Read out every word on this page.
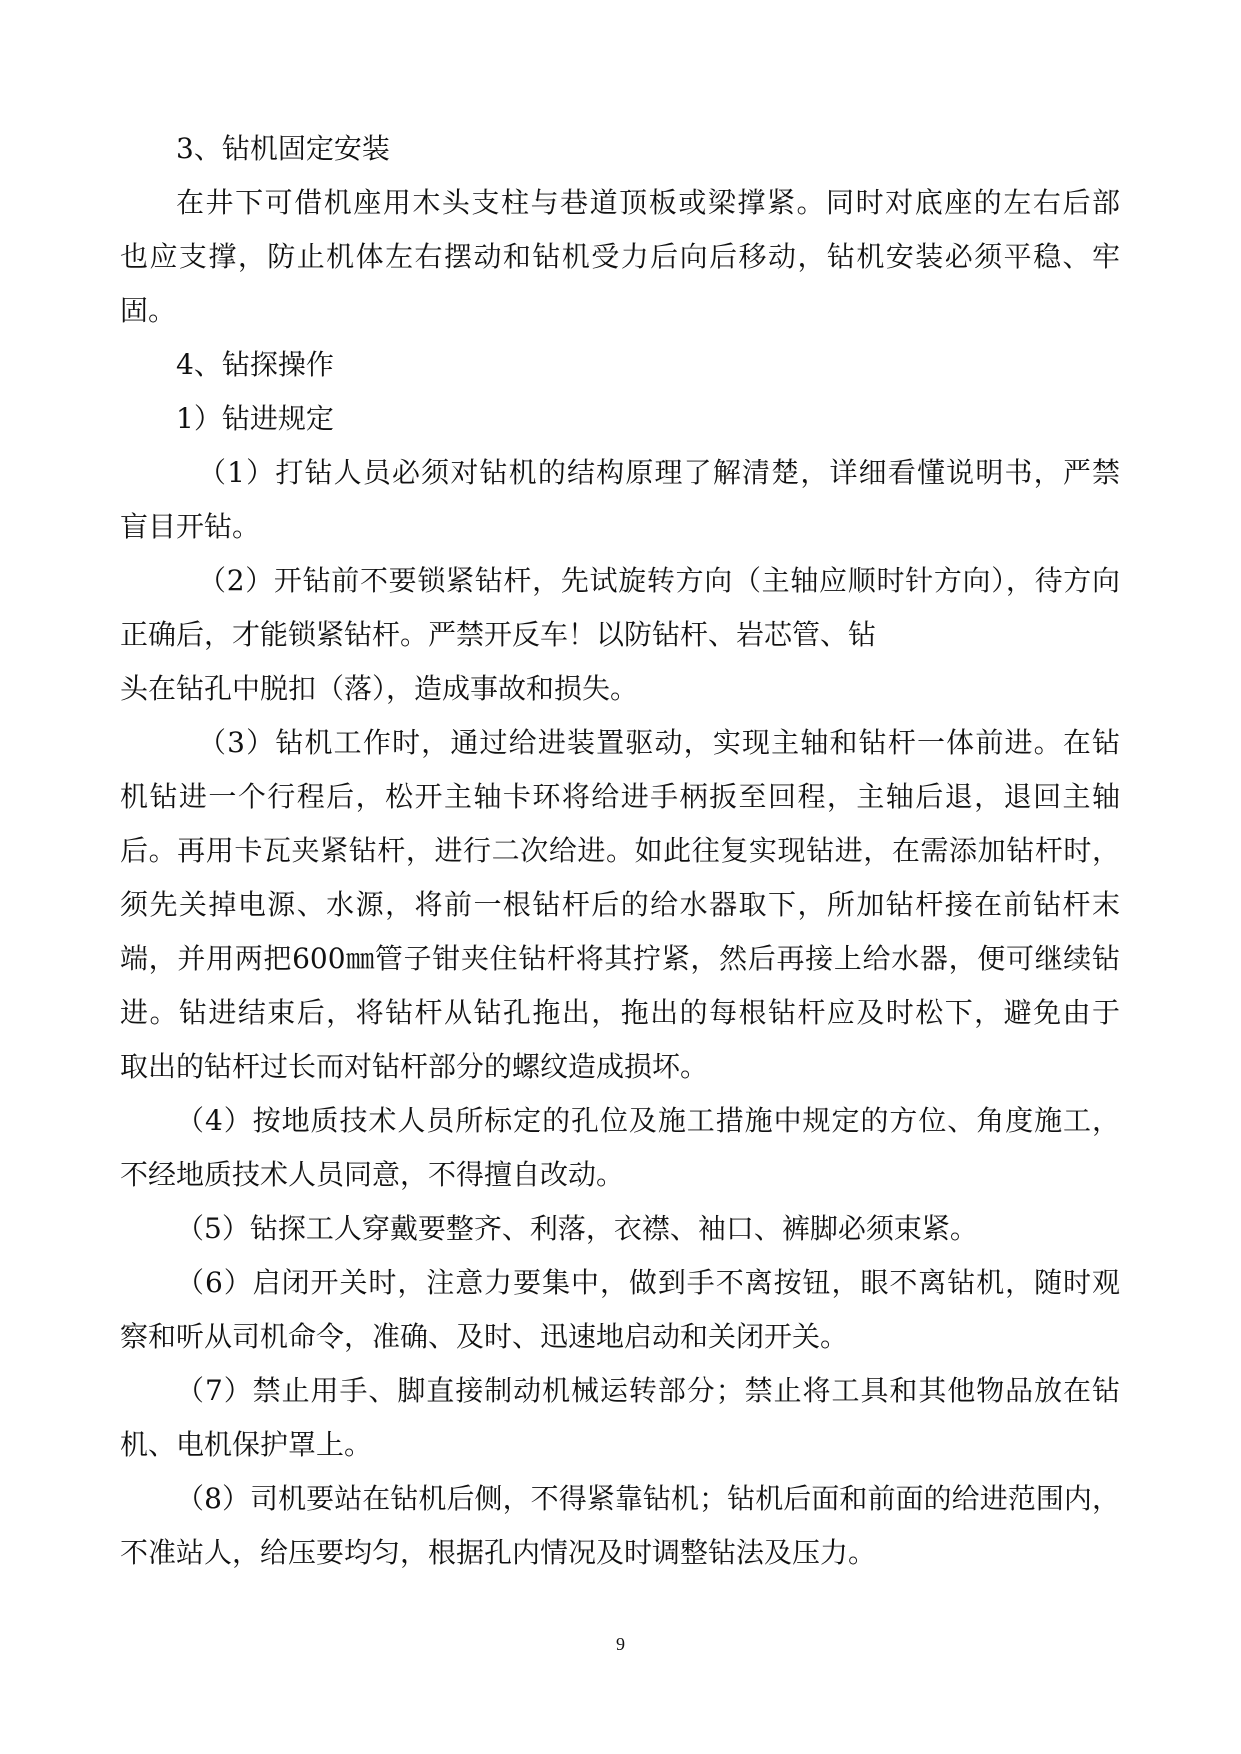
3、钻机固定安装
在井下可借机座用木头支柱与巷道顶板或梁撑紧。同时对底座的左右后部
也应支撑，防止机体左右摆动和钻机受力后向后移动，钻机安装必须平稳、牢
固。
4、钻探操作
1）钻进规定
（1）打钻人员必须对钻机的结构原理了解清楚，详细看懂说明书，严禁
盲目开钻。
（2）开钻前不要锁紧钻杆，先试旋转方向（主轴应顺时针方向），待方向
正确后，才能锁紧钻杆。严禁开反车！以防钻杆、岩芯管、钻
头在钻孔中脱扣（落），造成事故和损失。
（3）钻机工作时，通过给进装置驱动，实现主轴和钻杆一体前进。在钻
机钻进一个行程后，松开主轴卡环将给进手柄扳至回程，主轴后退，退回主轴
后。再用卡瓦夹紧钻杆，进行二次给进。如此往复实现钻进，在需添加钻杆时，
须先关掉电源、水源，将前一根钻杆后的给水器取下，所加钻杆接在前钻杆末
端，并用两把600㎜管子钳夹住钻杆将其拧紧，然后再接上给水器，便可继续钻
进。钻进结束后，将钻杆从钻孔拖出，拖出的每根钻杆应及时松下，避免由于
取出的钻杆过长而对钻杆部分的螺纹造成损坏。
（4）按地质技术人员所标定的孔位及施工措施中规定的方位、角度施工，
不经地质技术人员同意，不得擅自改动。
（5）钻探工人穿戴要整齐、利落，衣襟、袖口、裤脚必须束紧。
（6）启闭开关时，注意力要集中，做到手不离按钮，眼不离钻机，随时观
察和听从司机命令，准确、及时、迅速地启动和关闭开关。
（7）禁止用手、脚直接制动机械运转部分；禁止将工具和其他物品放在钻
机、电机保护罩上。
（8）司机要站在钻机后侧，不得紧靠钻机；钻机后面和前面的给进范围内，
不准站人，给压要均匀，根据孔内情况及时调整钻法及压力。
9
